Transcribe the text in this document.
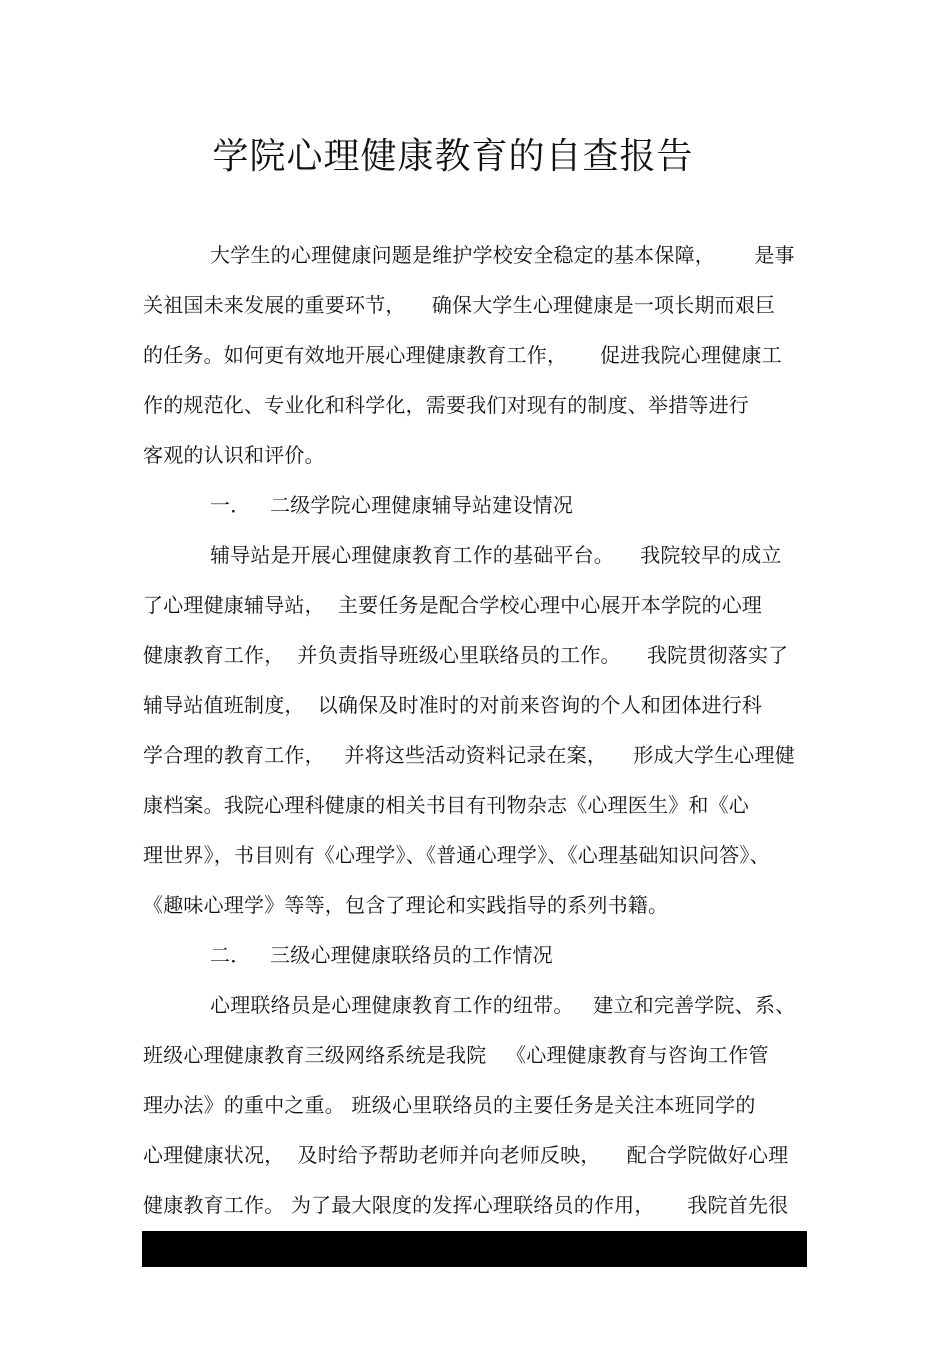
学院心理健康教育的自查报告
大学生的心理健康问题是维护学校安全稳定的基本保障，      是事
关祖国未来发展的重要环节，    确保大学生心理健康是一项长期而艰巨
的任务。如何更有效地开展心理健康教育工作，     促进我院心理健康工
作的规范化、专业化和科学化，需要我们对现有的制度、举措等进行
客观的认识和评价。
一．   二级学院心理健康辅导站建设情况
辅导站是开展心理健康教育工作的基础平台。    我院较早的成立
了心理健康辅导站，  主要任务是配合学校心理中心展开本学院的心理
健康教育工作，  并负责指导班级心里联络员的工作。    我院贯彻落实了
辅导站值班制度，  以确保及时准时的对前来咨询的个人和团体进行科
学合理的教育工作，   并将这些活动资料记录在案，    形成大学生心理健
康档案。我院心理科健康的相关书目有刊物杂志《心理医生》和《心
理世界》，书目则有《心理学》、《普通心理学》、《心理基础知识问答》、
《趣味心理学》等等，包含了理论和实践指导的系列书籍。
二．   三级心理健康联络员的工作情况
心理联络员是心理健康教育工作的纽带。   建立和完善学院、系、
班级心理健康教育三级网络系统是我院   《心理健康教育与咨询工作管
理办法》的重中之重。 班级心里联络员的主要任务是关注本班同学的
心理健康状况，  及时给予帮助老师并向老师反映，    配合学院做好心理
健康教育工作。 为了最大限度的发挥心理联络员的作用，     我院首先很
